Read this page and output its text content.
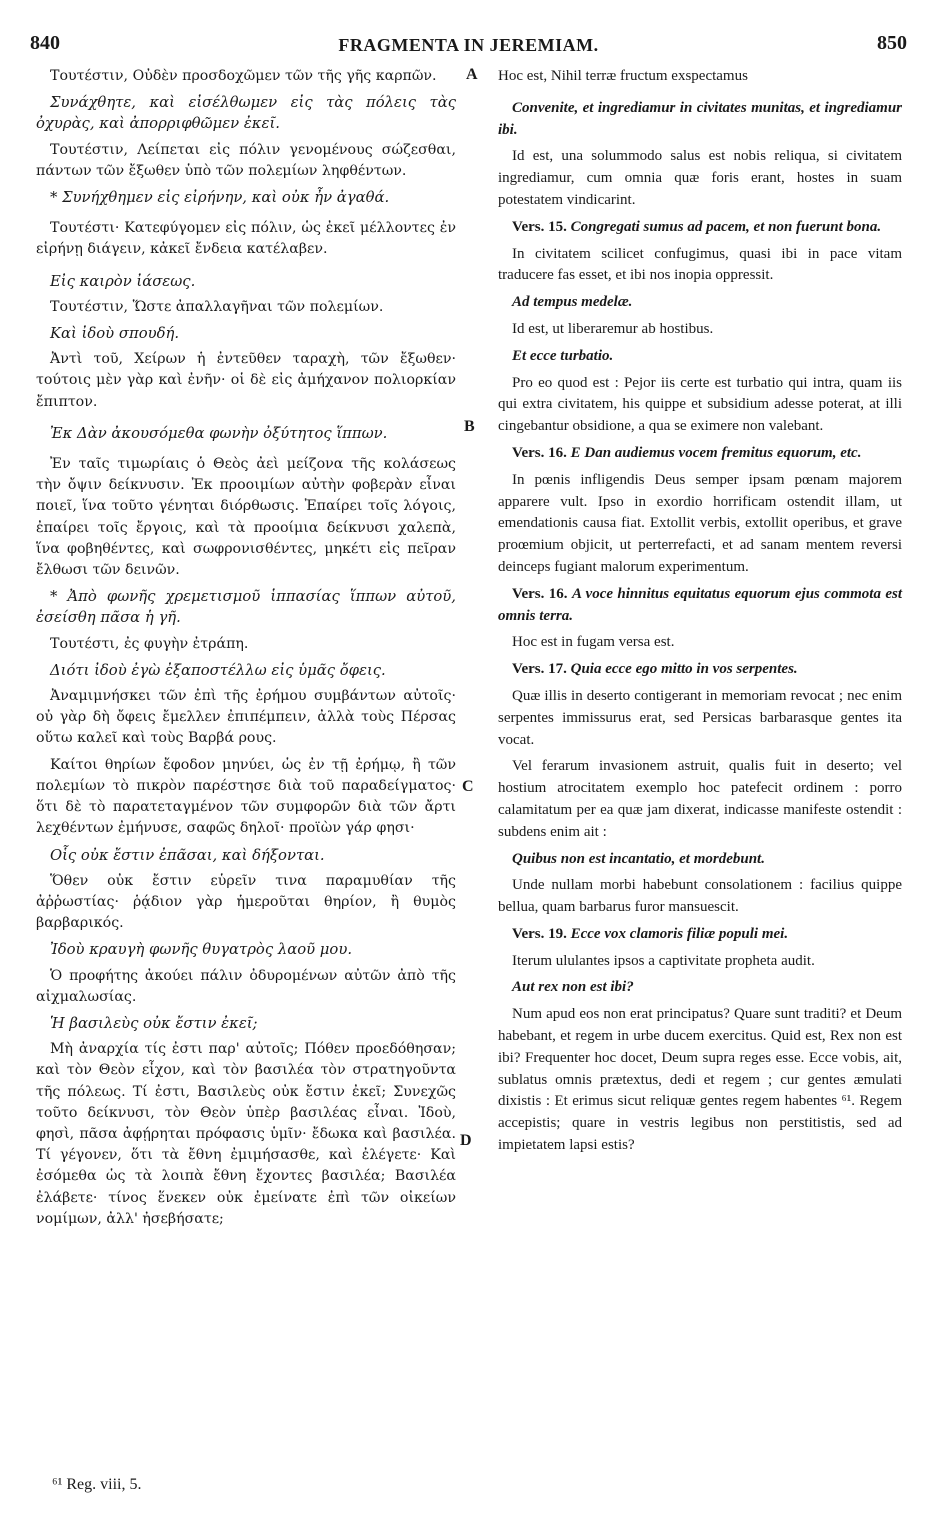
840	FRAGMENTA IN JEREMIAM.	850
A
B
C
D

Τουτέστιν, Οὐδὲν προσδοχῶμεν τῶν τῆς γῆς καρπῶν.

Συνάχθητε, καὶ εἰσέλθωμεν εἰς τὰς πόλεις τὰς ὀχυρὰς, καὶ ἀπορριφθῶμεν ἐκεῖ.

Τουτέστιν, Λείπεται εἰς πόλιν γενομένους σώζεσθαι, πάντων τῶν ἔξωθεν ὑπὸ τῶν πολεμίων ληφθέντων.

* Συνήχθημεν εἰς εἰρήνην, καὶ οὐκ ἦν ἀγαθά.

Τουτέστι· Κατεφύγομεν εἰς πόλιν, ὡς ἐκεῖ μέλλοντες ἐν εἰρήνῃ διάγειν, κἀκεῖ ἔνδεια κατέλαβεν.

Εἰς καιρὸν ἰάσεως.

Τουτέστιν, Ὥστε ἀπαλλαγῆναι τῶν πολεμίων.

Καὶ ἰδοὺ σπουδή.

Ἀντὶ τοῦ, Χείρων ἡ ἐντεῦθεν ταραχὴ, τῶν ἔξωθεν· τούτοις μὲν γὰρ καὶ ἐνῆν· οἱ δὲ εἰς ἀμήχανον πολιορκίαν ἔπιπτον.

Ἐκ Δὰν ἀκουσόμεθα φωνὴν ὀξύτητος ἵππων.

Ἐν ταῖς τιμωρίαις ὁ Θεὸς ἀεὶ μείζονα τῆς κολάσεως τὴν ὄψιν δείκνυσιν. Ἐκ προοιμίων αὐτὴν φοβερὰν εἶναι ποιεῖ, ἵνα τοῦτο γένηται διόρθωσις. Ἐπαίρει τοῖς λόγοις, ἐπαίρει τοῖς ἔργοις, καὶ τὰ προοίμια δείκνυσι χαλεπὰ, ἵνα φοβηθέντες, καὶ σωφρονισθέντες, μηκέτι εἰς πεῖραν ἔλθωσι τῶν δεινῶν.

* Ἀπὸ φωνῆς χρεμετισμοῦ ἱππασίας ἵππων αὐτοῦ, ἐσείσθη πᾶσα ἡ γῆ.

Τουτέστι, ἐς φυγὴν ἐτράπη.

Διότι ἰδοὺ ἐγὼ ἐξαποστέλλω εἰς ὑμᾶς ὄφεις.

Ἀναμιμνήσκει τῶν ἐπὶ τῆς ἐρήμου συμβάντων αὐτοῖς· οὐ γὰρ δὴ ὄφεις ἔμελλεν ἐπιπέμπειν, ἀλλὰ τοὺς Πέρσας οὕτω καλεῖ καὶ τοὺς Βαρβά ρους.

Καίτοι θηρίων ἔφοδον μηνύει, ὡς ἐν τῇ ἐρήμῳ, ἢ τῶν πολεμίων τὸ πικρὸν παρέστησε διὰ τοῦ παραδείγματος· ὅτι δὲ τὸ παρατεταγμένον τῶν συμφορῶν διὰ τῶν ἄρτι λεχθέντων ἐμήνυσε, σαφῶς δηλοῖ· προϊὼν γάρ φησι·

Οἷς οὐκ ἔστιν ἐπᾶσαι, καὶ δήξονται.

Ὅθεν οὐκ ἔστιν εὑρεῖν τινα παραμυθίαν τῆς ἀῤῥωστίας· ῥᾴδιον γὰρ ἡμεροῦται θηρίον, ἢ θυμὸς βαρβαρικός.

Ἰδοὺ κραυγὴ φωνῆς θυγατρὸς λαοῦ μου.

Ὁ προφήτης ἀκούει πάλιν ὀδυρομένων αὐτῶν ἀπὸ τῆς αἰχμαλωσίας.

Ἡ βασιλεὺς οὐκ ἔστιν ἐκεῖ;

Μὴ ἀναρχία τίς ἐστι παρ' αὐτοῖς; Πόθεν προεδόθησαν; καὶ τὸν Θεὸν εἶχον, καὶ τὸν βασιλέα τὸν στρατηγοῦντα τῆς πόλεως. Τί ἐστι, Βασιλεὺς οὐκ ἔστιν ἐκεῖ; Συνεχῶς τοῦτο δείκνυσι, τὸν Θεὸν ὑπὲρ βασιλέας εἶναι. Ἰδοὺ, φησὶ, πᾶσα ἀφῄρηται πρόφασις ὑμῖν· ἔδωκα καὶ βασιλέα. Τί γέγονεν, ὅτι τὰ ἔθνη ἐμιμήσασθε, καὶ ἐλέγετε· Καὶ ἐσόμεθα ὡς τὰ λοιπὰ ἔθνη ἔχοντες βασιλέα; Βασιλέα ἐλάβετε· τίνος ἕνεκεν οὐκ ἐμείνατε ἐπὶ τῶν οἰκείων νομίμων, ἀλλ' ἠσεβήσατε;

Hoc est, Nihil terræ fructum exspectamus

Convenite, et ingrediamur in civitates munitas, et ingrediamur ibi.

Id est, una solummodo salus est nobis reliqua, si civitatem ingrediamur, cum omnia quæ foris erant, hostes in suam potestatem vindicarint.

Vers. 15. Congregati sumus ad pacem, et non fuerunt bona.

In civitatem scilicet confugimus, quasi ibi in pace vitam traducere fas esset, et ibi nos inopia oppressit.

Ad tempus medelæ.

Id est, ut liberaremur ab hostibus.

Et ecce turbatio.

Pro eo quod est : Pejor iis certe est turbatio qui intra, quam iis qui extra civitatem, his quippe et subsidium adesse poterat, at illi cingebantur obsidione, a qua se eximere non valebant.

Vers. 16. E Dan audiemus vocem fremitus equorum, etc.

In pœnis infligendis Deus semper ipsam pœnam majorem apparere vult. Ipso in exordio horrificam ostendit illam, ut emendationis causa fiat. Extollit verbis, extollit operibus, et grave proœmium objicit, ut perterrefacti, et ad sanam mentem reversi deinceps fugiant malorum experimentum.

Vers. 16. A voce hinnitus equitatus equorum ejus commota est omnis terra.

Hoc est in fugam versa est.

Vers. 17. Quia ecce ego mitto in vos serpentes.

Quæ illis in deserto contigerant in memoriam revocat ; nec enim serpentes immissurus erat, sed Persicas barbarasque gentes ita vocat.

Vel ferarum invasionem astruit, qualis fuit in deserto; vel hostium atrocitatem exemplo hoc patefecit ordinem : porro calamitatum per ea quæ jam dixerat, indicasse manifeste ostendit : subdens enim ait :

Quibus non est incantatio, et mordebunt.

Unde nullam morbi habebunt consolationem : facilius quippe bellua, quam barbarus furor mansuescit.

Vers. 19. Ecce vox clamoris filiæ populi mei.

Iterum ululantes ipsos a captivitate propheta audit.

Aut rex non est ibi?

Num apud eos non erat principatus? Quare sunt traditi? et Deum habebant, et regem in urbe ducem exercitus. Quid est, Rex non est ibi? Frequenter hoc docet, Deum supra reges esse. Ecce vobis, ait, sublatus omnis prætextus, dedi et regem ; cur gentes æmulati dixistis : Et erimus sicut reliquæ gentes regem habentes ⁶¹. Regem accepistis; quare in vestris legibus non perstitistis, sed ad impietatem lapsi estis?

⁶¹ Reg. viii, 5.
